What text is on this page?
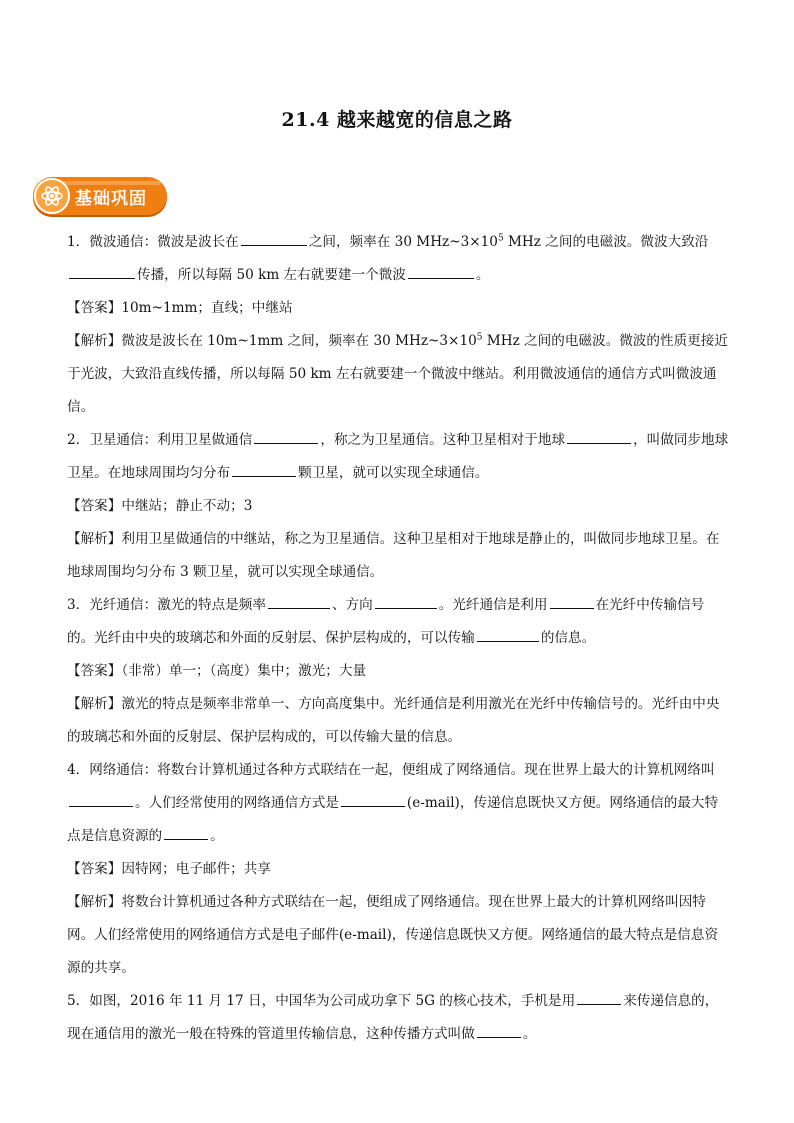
21.4 越来越宽的信息之路
基础巩固

1．微波通信：微波是波长在	之间，频率在 30 $MHz\sim 3\times 10^5$ MHz 之间的电磁波。微波大致沿传播，所以每隔 50 km 左右就要建一个微波	。

【答案】10m~1mm；直线；中继站

【解析】微波是波长在 10m~1mm 之间，频率在 30 $MHz\sim 3\times 10^5$ MHz 之间的电磁波。微波的性质更接近于光波，大致沿直线传播，所以每隔 50 km 左右就要建一个微波中继站。利用微波通信的通信方式叫微波通信。

2．卫星通信：利用卫星做通信	，称之为卫星通信。这种卫星相对于地球	，叫做同步地球卫星。在地球周围均匀分布	颗卫星，就可以实现全球通信。

【答案】中继站；静止不动；3

【解析】利用卫星做通信的中继站，称之为卫星通信。这种卫星相对于地球是静止的，叫做同步地球卫星。在地球周围均匀分布 3 颗卫星，就可以实现全球通信。

3．光纤通信：激光的特点是频率	、方向	。光纤通信是利用	在光纤中传输信号的。光纤由中央的玻璃芯和外面的反射层、保护层构成的，可以传输	的信息。

【答案】（非常）单一；（高度）集中；激光；大量

【解析】激光的特点是频率非常单一、方向高度集中。光纤通信是利用激光在光纤中传输信号的。光纤由中央的玻璃芯和外面的反射层、保护层构成的，可以传输大量的信息。

4．网络通信：将数台计算机通过各种方式联结在一起，便组成了网络通信。现在世界上最大的计算机网络叫。人们经常使用的网络通信方式是	(e-mail)，传递信息既快又方便。网络通信的最大特点是信息资源的	。

【答案】因特网；电子邮件；共享

【解析】将数台计算机通过各种方式联结在一起，便组成了网络通信。现在世界上最大的计算机网络叫因特网。人们经常使用的网络通信方式是电子邮件(e-mail)，传递信息既快又方便。网络通信的最大特点是信息资源的共享。

5．如图，2016 年 11 月 17 日，中国华为公司成功拿下 5G 的核心技术，手机是用	来传递信息的，现在通信用的激光一般在特殊的管道里传输信息，这种传播方式叫做	。
